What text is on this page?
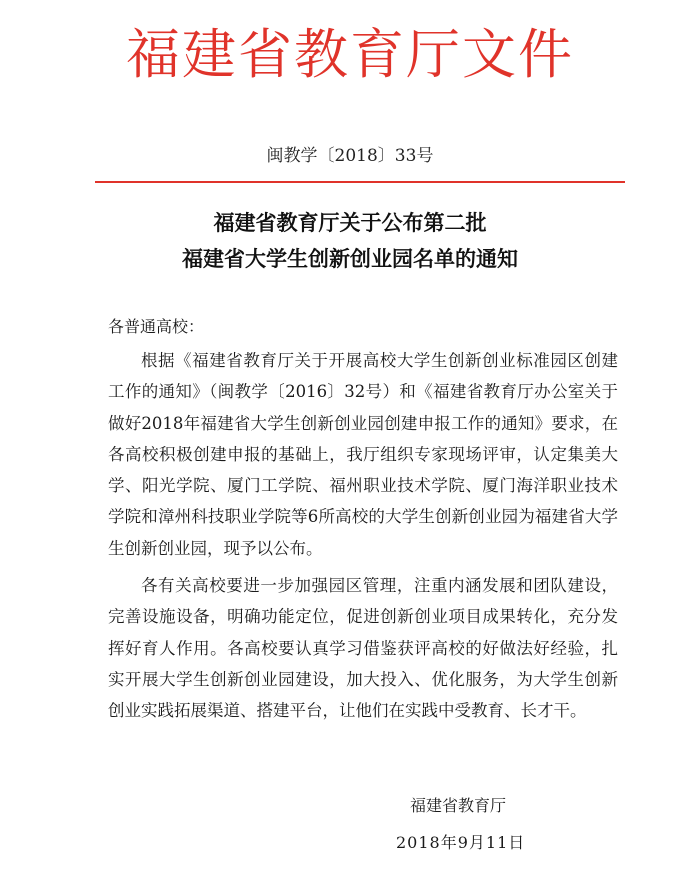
福建省教育厅文件
闽教学〔2018〕33号
福建省教育厅关于公布第二批
福建省大学生创新创业园名单的通知
各普通高校：

根据《福建省教育厅关于开展高校大学生创新创业标准园区创建工作的通知》（闽教学〔2016〕32号）和《福建省教育厅办公室关于做好2018年福建省大学生创新创业园创建申报工作的通知》要求，在各高校积极创建申报的基础上，我厅组织专家现场评审，认定集美大学、阳光学院、厦门工学院、福州职业技术学院、厦门海洋职业技术学院和漳州科技职业学院等6所高校的大学生创新创业园为福建省大学生创新创业园，现予以公布。

各有关高校要进一步加强园区管理，注重内涵发展和团队建设，完善设施设备，明确功能定位，促进创新创业项目成果转化，充分发挥好育人作用。各高校要认真学习借鉴获评高校的好做法好经验，扎实开展大学生创新创业园建设，加大投入、优化服务，为大学生创新创业实践拓展渠道、搭建平台，让他们在实践中受教育、长才干。

福建省教育厅
2018年9月11日
